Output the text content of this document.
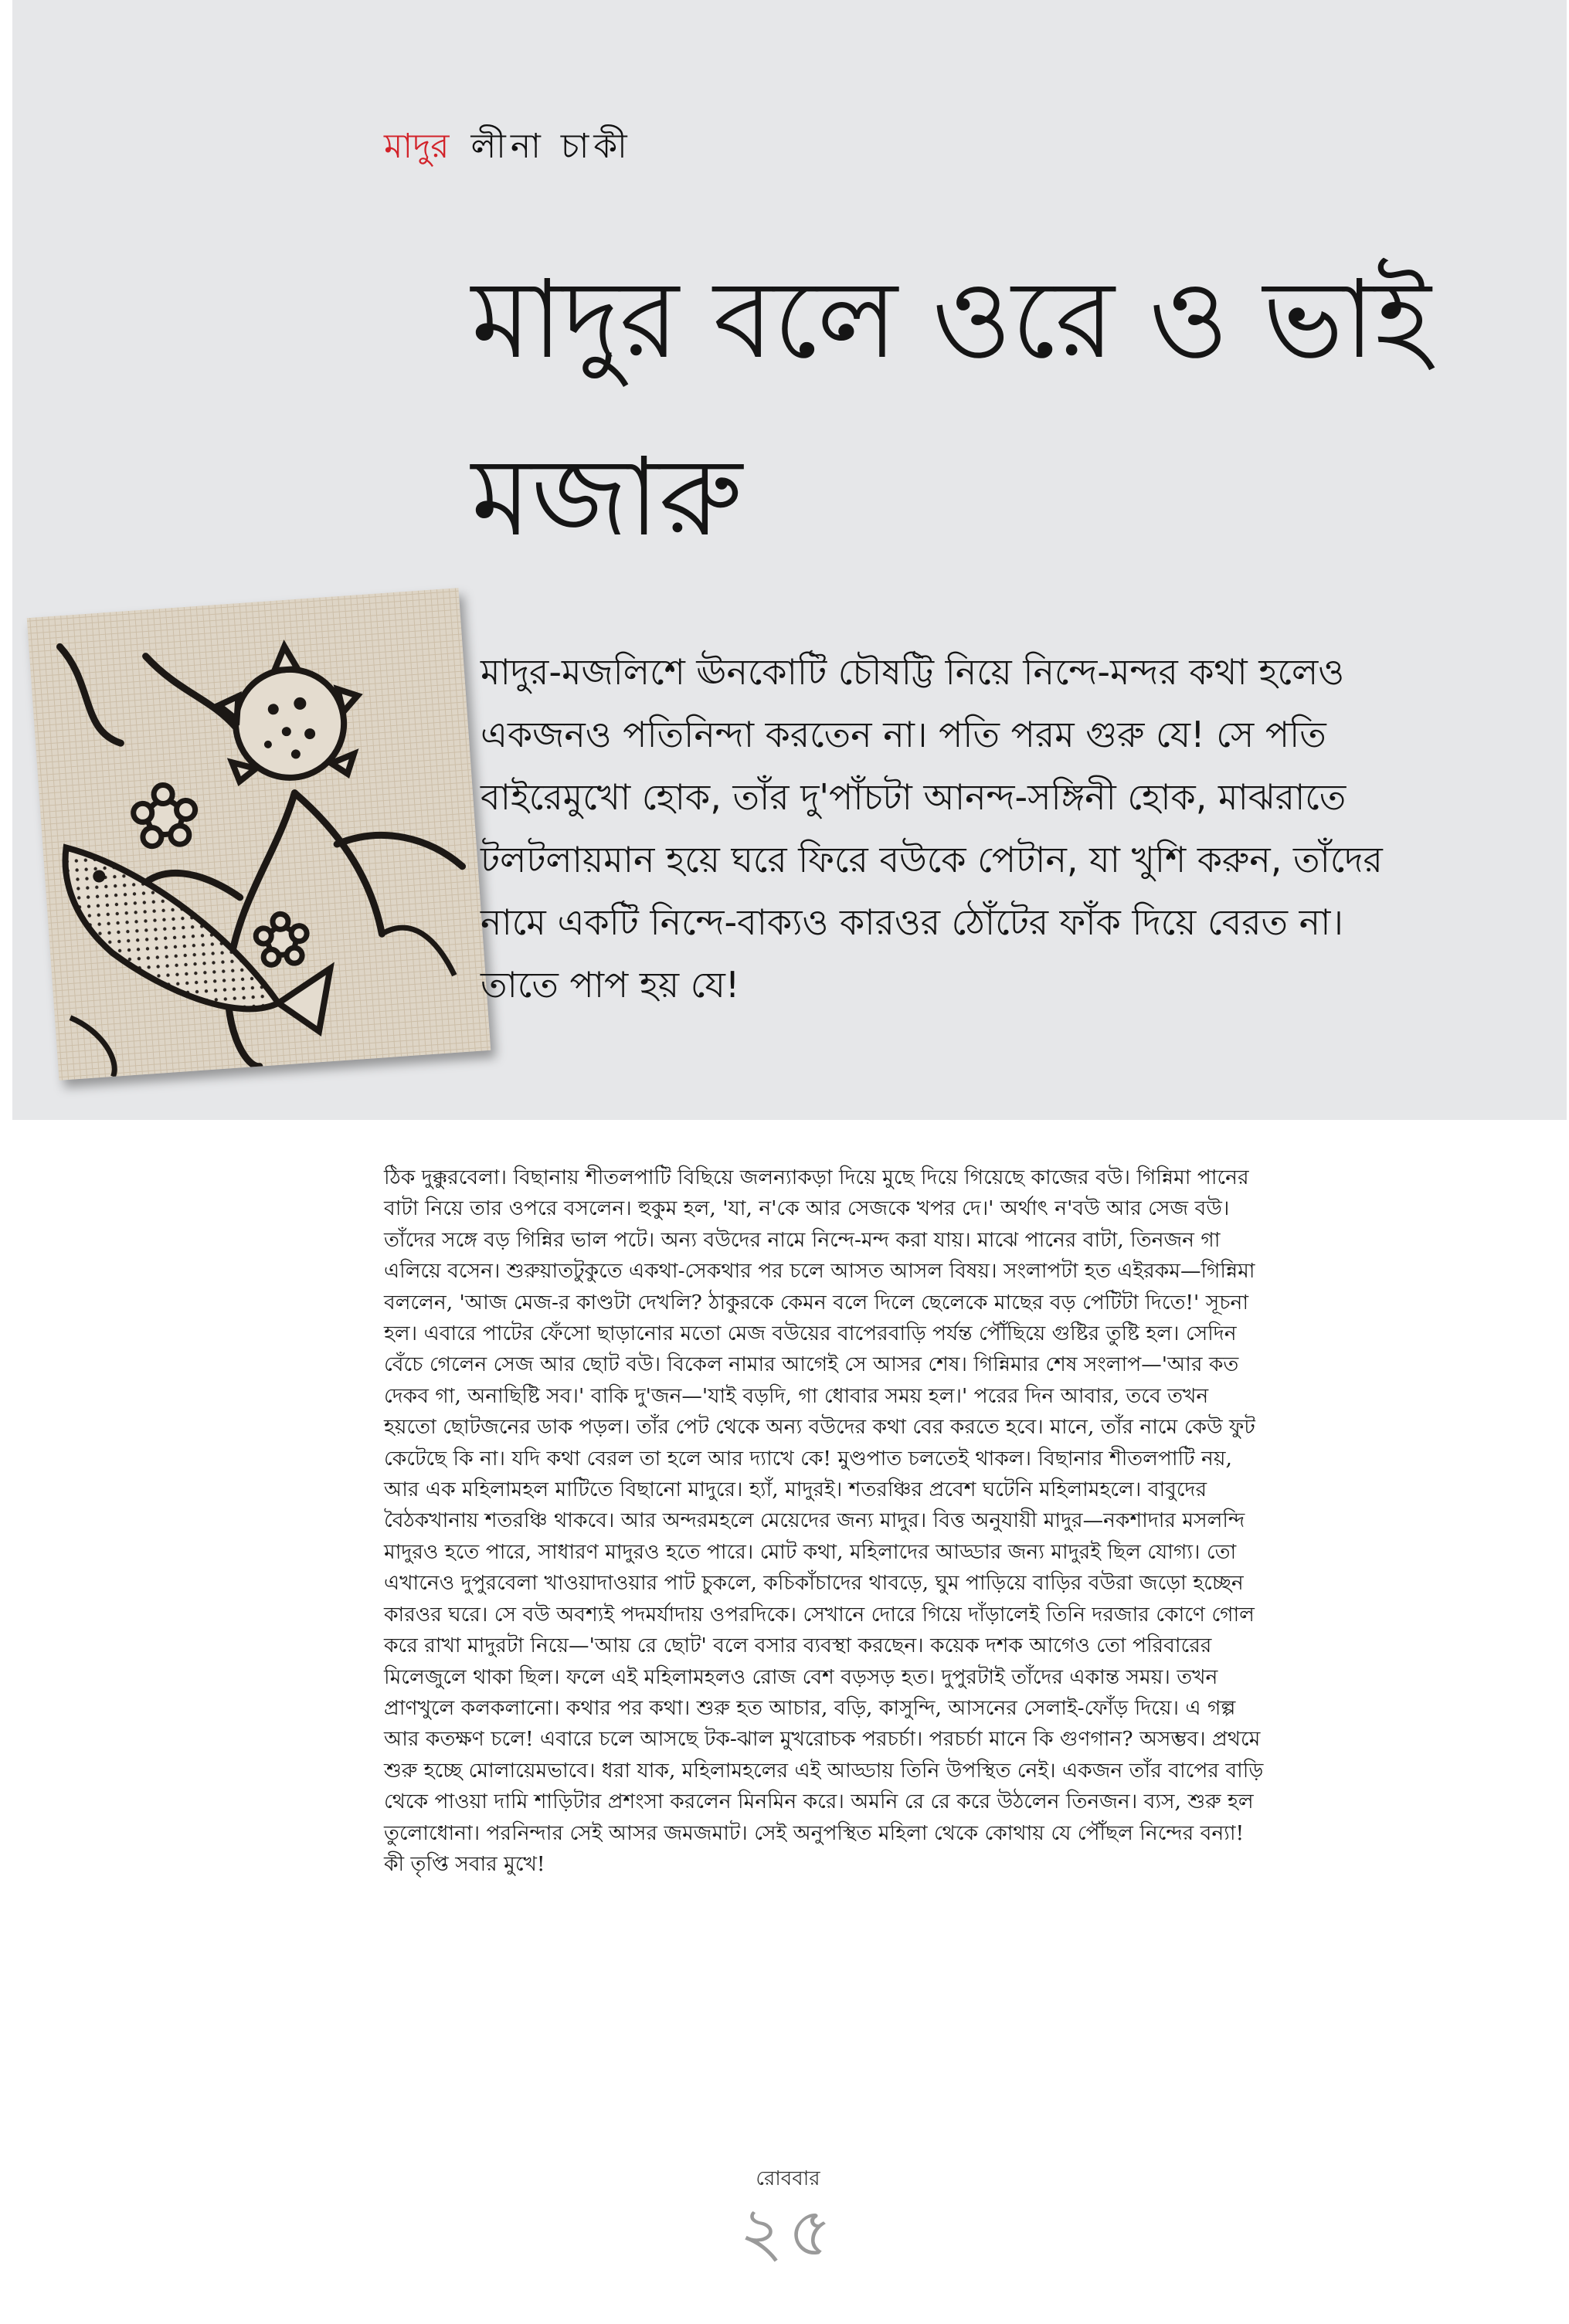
মাদুর লীনা চাকী
মাদুর বলে ওরে ও ভাই মজারু

মাদুর-মজলিশে ঊনকোটি চৌষট্টি নিয়ে নিন্দে-মন্দর কথা হলেও একজনও পতিনিন্দা করতেন না। পতি পরম গুরু যে! সে পতি বাইরেমুখো হোক, তাঁর দু'পাঁচটা আনন্দ-সঙ্গিনী হোক, মাঝরাতে টলটলায়মান হয়ে ঘরে ফিরে বউকে পেটান, যা খুশি করুন, তাঁদের নামে একটি নিন্দে-বাক্যও কারওর ঠোঁটের ফাঁক দিয়ে বেরত না। তাতে পাপ হয় যে!

ঠিক দুক্কুরবেলা। বিছানায় শীতলপাটি বিছিয়ে জলন্যাকড়া দিয়ে মুছে দিয়ে গিয়েছে কাজের বউ। গিন্নিমা পানের বাটা নিয়ে তার ওপরে বসলেন। হুকুম হল, 'যা, ন'কে আর সেজকে খপর দে।' অর্থাৎ ন'বউ আর সেজ বউ। তাঁদের সঙ্গে বড় গিন্নির ভাল পটে। অন্য বউদের নামে নিন্দে-মন্দ করা যায়। মাঝে পানের বাটা, তিনজন গা এলিয়ে বসেন। শুরুয়াতটুকুতে একথা-সেকথার পর চলে আসত আসল বিষয়। সংলাপটা হত এইরকম—গিন্নিমা বললেন, 'আজ মেজ-র কাণ্ডটা দেখলি? ঠাকুরকে কেমন বলে দিলে ছেলেকে মাছের বড় পেটিটা দিতে!' সূচনা হল। এবারে পাটের ফেঁসো ছাড়ানোর মতো মেজ বউয়ের বাপেরবাড়ি পর্যন্ত পৌঁছিয়ে গুষ্টির তুষ্টি হল। সেদিন বেঁচে গেলেন সেজ আর ছোট বউ। বিকেল নামার আগেই সে আসর শেষ। গিন্নিমার শেষ সংলাপ—'আর কত দেকব গা, অনাছিষ্টি সব।' বাকি দু'জন—'যাই বড়দি, গা ধোবার সময় হল।' পরের দিন আবার, তবে তখন হয়তো ছোটজনের ডাক পড়ল। তাঁর পেট থেকে অন্য বউদের কথা বের করতে হবে। মানে, তাঁর নামে কেউ ফুট কেটেছে কি না। যদি কথা বেরল তা হলে আর দ্যাখে কে! মুণ্ডপাত চলতেই থাকল। বিছানার শীতলপাটি নয়, আর এক মহিলামহল মাটিতে বিছানো মাদুরে। হ্যাঁ, মাদুরই। শতরঞ্চির প্রবেশ ঘটেনি মহিলামহলে। বাবুদের বৈঠকখানায় শতরঞ্চি থাকবে। আর অন্দরমহলে মেয়েদের জন্য মাদুর। বিত্ত অনুযায়ী মাদুর—নকশাদার মসলন্দি মাদুরও হতে পারে, সাধারণ মাদুরও হতে পারে। মোট কথা, মহিলাদের আড্ডার জন্য মাদুরই ছিল যোগ্য। তো এখানেও দুপুরবেলা খাওয়াদাওয়ার পাট চুকলে, কচিকাঁচাদের থাবড়ে, ঘুম পাড়িয়ে বাড়ির বউরা জড়ো হচ্ছেন কারওর ঘরে। সে বউ অবশ্যই পদমর্যাদায় ওপরদিকে। সেখানে দোরে গিয়ে দাঁড়ালেই তিনি দরজার কোণে গোল করে রাখা মাদুরটা নিয়ে—'আয় রে ছোট' বলে বসার ব্যবস্থা করছেন। কয়েক দশক আগেও তো পরিবারের মিলেজুলে থাকা ছিল। ফলে এই মহিলামহলও রোজ বেশ বড়সড় হত। দুপুরটাই তাঁদের একান্ত সময়। তখন প্রাণখুলে কলকলানো। কথার পর কথা। শুরু হত আচার, বড়ি, কাসুন্দি, আসনের সেলাই-ফোঁড় দিয়ে। এ গল্প আর কতক্ষণ চলে! এবারে চলে আসছে টক-ঝাল মুখরোচক পরচর্চা। পরচর্চা মানে কি গুণগান? অসম্ভব। প্রথমে শুরু হচ্ছে মোলায়েমভাবে। ধরা যাক, মহিলামহলের এই আড্ডায় তিনি উপস্থিত নেই। একজন তাঁর বাপের বাড়ি থেকে পাওয়া দামি শাড়িটার প্রশংসা করলেন মিনমিন করে। অমনি রে রে করে উঠলেন তিনজন। ব্যস, শুরু হল তুলোধোনা। পরনিন্দার সেই আসর জমজমাট। সেই অনুপস্থিত মহিলা থেকে কোথায় যে পৌঁছল নিন্দের বন্যা! কী তৃপ্তি সবার মুখে!

রোববার
২৫
